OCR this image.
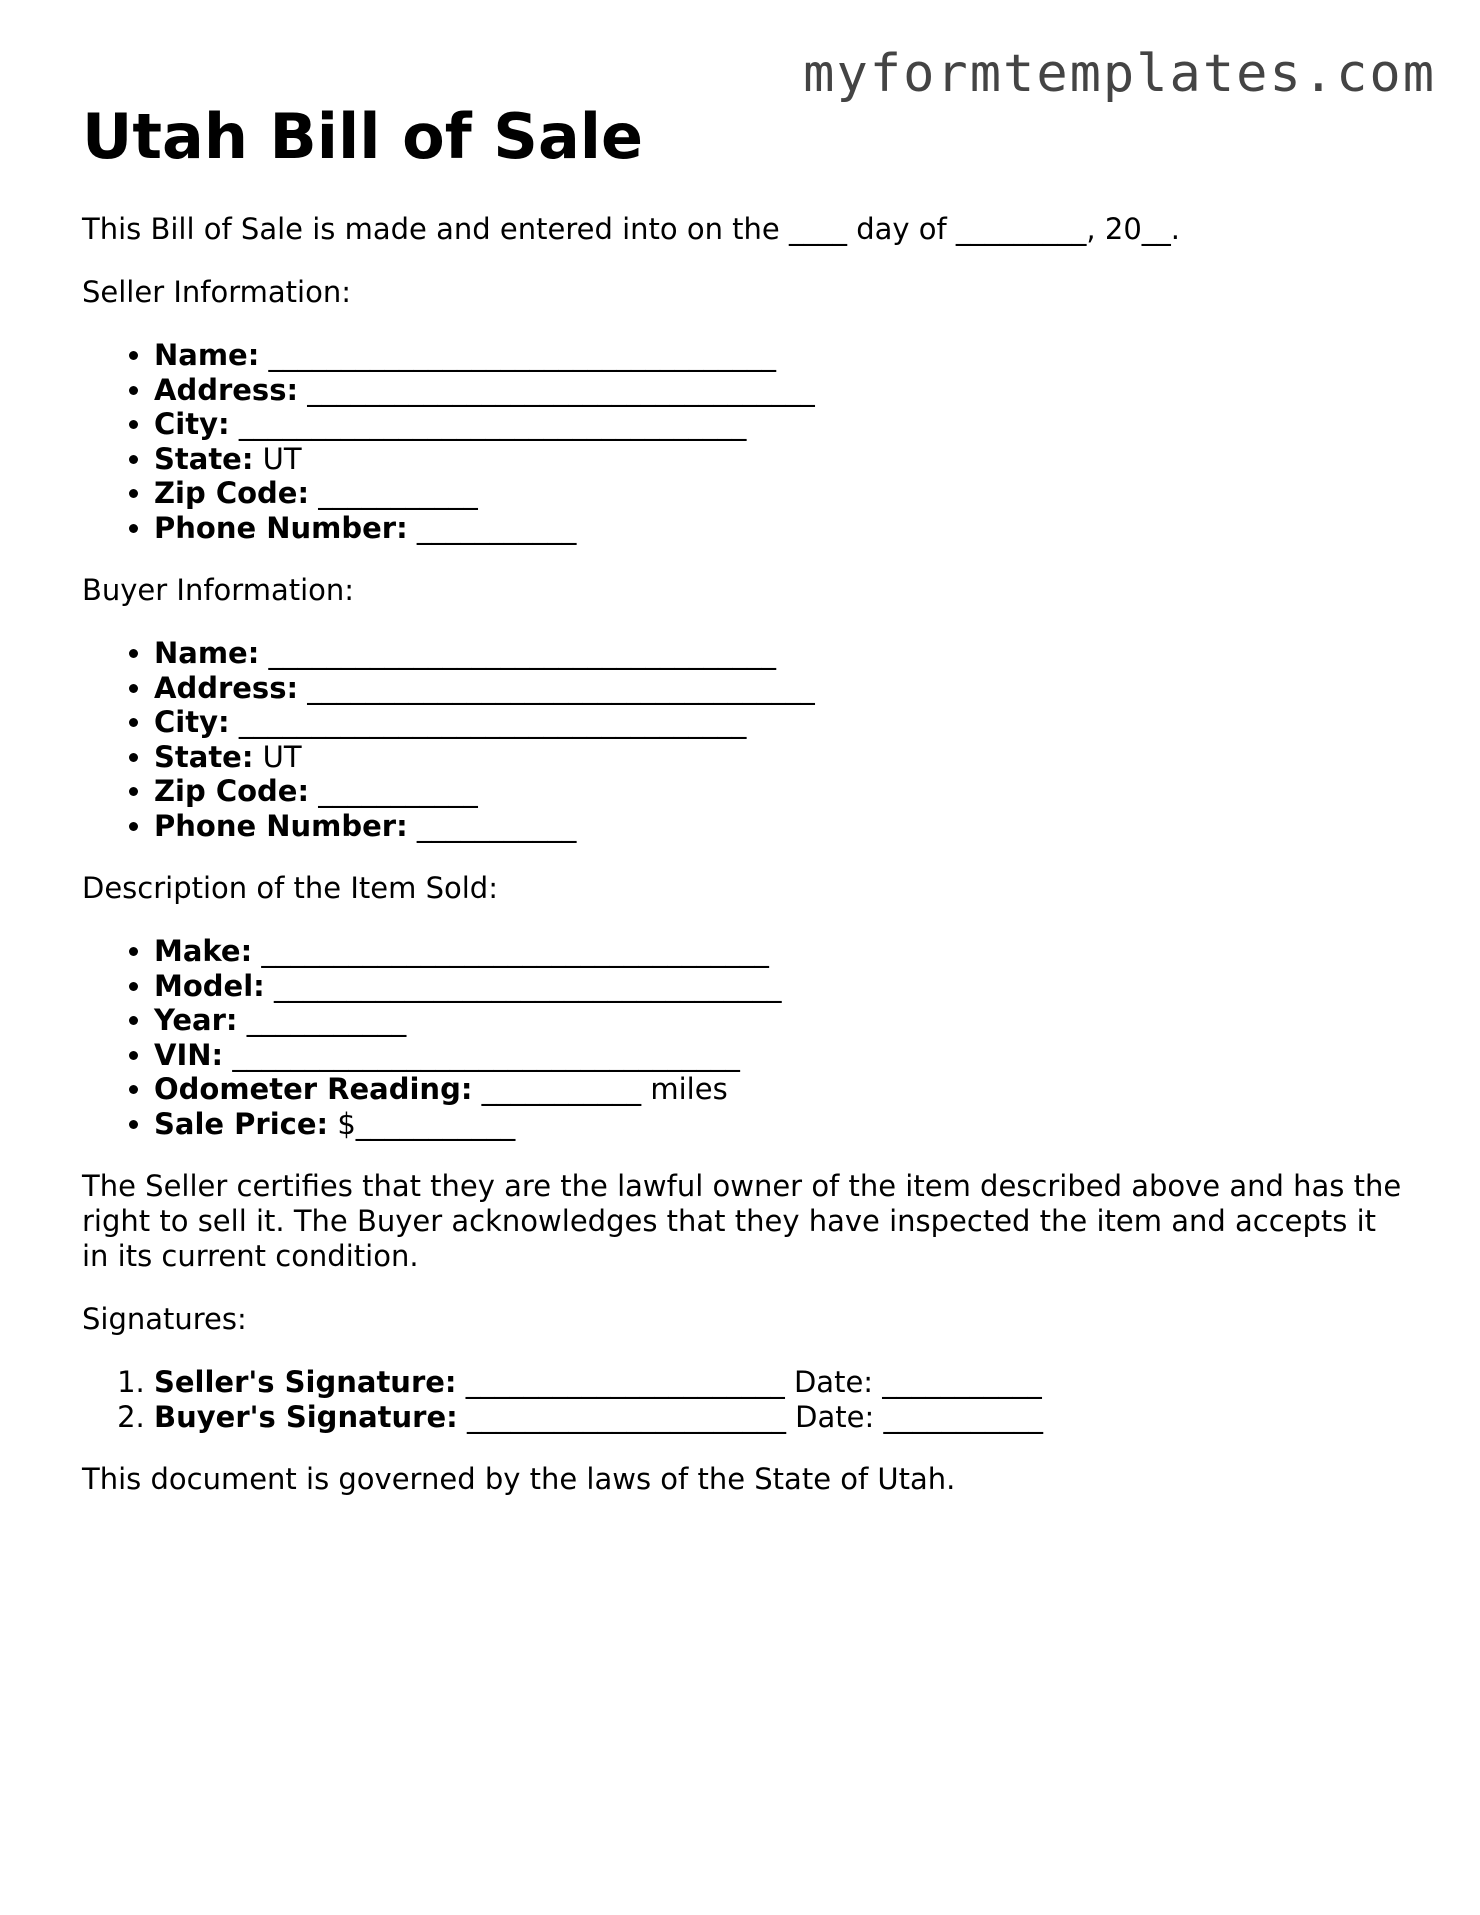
myformtemplates.com
Utah Bill of Sale

This Bill of Sale is made and entered into on the ____ day of _________, 20__.

Seller Information:

• Name: ___________________________________
• Address: ___________________________________
• City: ___________________________________
• State: UT
• Zip Code: ___________
• Phone Number: ___________

Buyer Information:

• Name: ___________________________________
• Address: ___________________________________
• City: ___________________________________
• State: UT
• Zip Code: ___________
• Phone Number: ___________

Description of the Item Sold:

• Make: ___________________________________
• Model: ___________________________________
• Year: ___________
• VIN: ___________________________________
• Odometer Reading: ___________ miles
• Sale Price: $___________

The Seller certifies that they are the lawful owner of the item described above and has the right to sell it. The Buyer acknowledges that they have inspected the item and accepts it in its current condition.

Signatures:

1. Seller's Signature: ______________________ Date: ___________
2. Buyer's Signature: ______________________ Date: ___________

This document is governed by the laws of the State of Utah.
